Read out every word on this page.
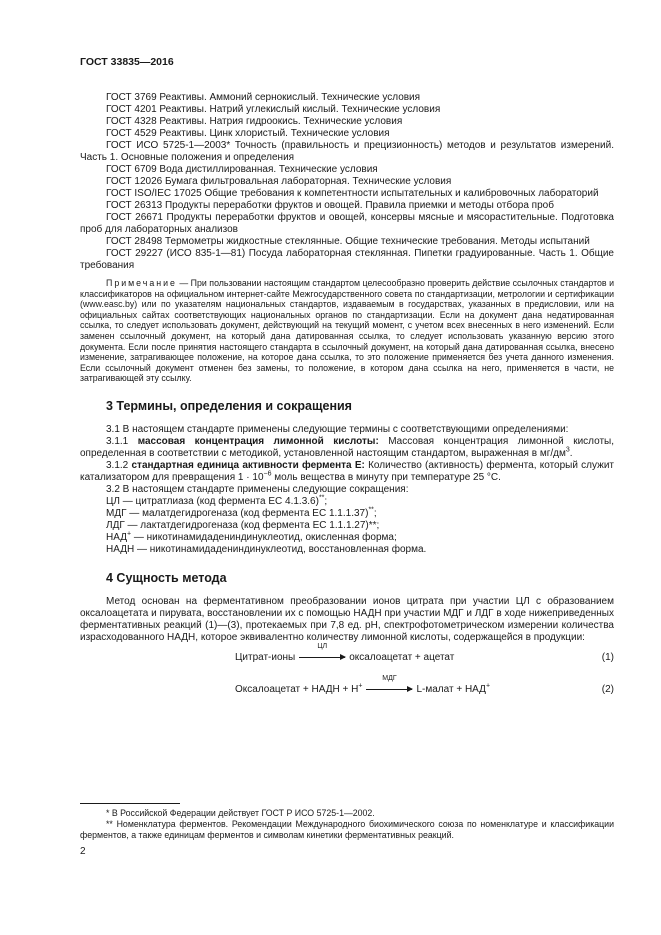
ГОСТ 33835—2016

ГОСТ 3769 Реактивы. Аммоний сернокислый. Технические условия

ГОСТ 4201 Реактивы. Натрий углекислый кислый. Технические условия

ГОСТ 4328 Реактивы. Натрия гидроокись. Технические условия

ГОСТ 4529 Реактивы. Цинк хлористый. Технические условия

ГОСТ ИСО 5725-1—2003* Точность (правильность и прецизионность) методов и результатов измерений. Часть 1. Основные положения и определения

ГОСТ 6709 Вода дистиллированная. Технические условия

ГОСТ 12026 Бумага фильтровальная лабораторная. Технические условия

ГОСТ ISO/IEC 17025 Общие требования к компетентности испытательных и калибровочных лабораторий

ГОСТ 26313 Продукты переработки фруктов и овощей. Правила приемки и методы отбора проб

ГОСТ 26671 Продукты переработки фруктов и овощей, консервы мясные и мясорастительные. Подготовка проб для лабораторных анализов

ГОСТ 28498 Термометры жидкостные стеклянные. Общие технические требования. Методы испытаний

ГОСТ 29227 (ИСО 835-1—81) Посуда лабораторная стеклянная. Пипетки градуированные. Часть 1. Общие требования

Примечание — При пользовании настоящим стандартом целесообразно проверить действие ссылочных стандартов и классификаторов на официальном интернет-сайте Межгосударственного совета по стандартизации, метрологии и сертификации (www.easc.by) или по указателям национальных стандартов, издаваемым в государствах, указанных в предисловии, или на официальных сайтах соответствующих национальных органов по стандартизации. Если на документ дана недатированная ссылка, то следует использовать документ, действующий на текущий момент, с учетом всех внесенных в него изменений. Если заменен ссылочный документ, на который дана датированная ссылка, то следует использовать указанную версию этого документа. Если после принятия настоящего стандарта в ссылочный документ, на который дана датированная ссылка, внесено изменение, затрагивающее положение, на которое дана ссылка, то это положение применяется без учета данного изменения. Если ссылочный документ отменен без замены, то положение, в котором дана ссылка на него, применяется в части, не затрагивающей эту ссылку.

3 Термины, определения и сокращения

3.1 В настоящем стандарте применены следующие термины с соответствующими определениями:

3.1.1 массовая концентрация лимонной кислоты: Массовая концентрация лимонной кислоты, определенная в соответствии с методикой, установленной настоящим стандартом, выраженная в $мг/дм^3$.

3.1.2 стандартная единица активности фермента Е: Количество (активность) фермента, который служит катализатором для превращения $1 \cdot 10^{-6}$ моль вещества в минуту при температуре 25 °С.

3.2 В настоящем стандарте применены следующие сокращения:

ЦЛ — цитратлиаза (код фермента ЕС 4.1.3.6)**;

МДГ — малатдегидрогеназа (код фермента ЕС 1.1.1.37)**;

ЛДГ — лактатдегидрогеназа (код фермента ЕС 1.1.1.27)**;

НАД+ — никотинамидадениндинуклеотид, окисленная форма;

НАДН — никотинамидадениндинуклеотид, восстановленная форма.

4 Сущность метода

Метод основан на ферментативном преобразовании ионов цитрата при участии ЦЛ с образованием оксалоацетата и пирувата, восстановлении их с помощью НАДН при участии МДГ и ЛДГ в ходе нижеприведенных ферментативных реакций (1)—(3), протекаемых при 7,8 ед. рН, спектрофотометрическом измерении количества израсходованного НАДН, которое эквивалентно количеству лимонной кислоты, содержащейся в продукции:

Цитрат-ионы
ЦЛ
оксалоацетат + ацетат	(1)
Оксалоацетат + НАДН + Н+
МДГ
L-малат + НАД+	(2)

* В Российской Федерации действует ГОСТ Р ИСО 5725-1—2002.

** Номенклатура ферментов. Рекомендации Международного биохимического союза по номенклатуре и классификации ферментов, а также единицам ферментов и символам кинетики ферментативных реакций.

2
